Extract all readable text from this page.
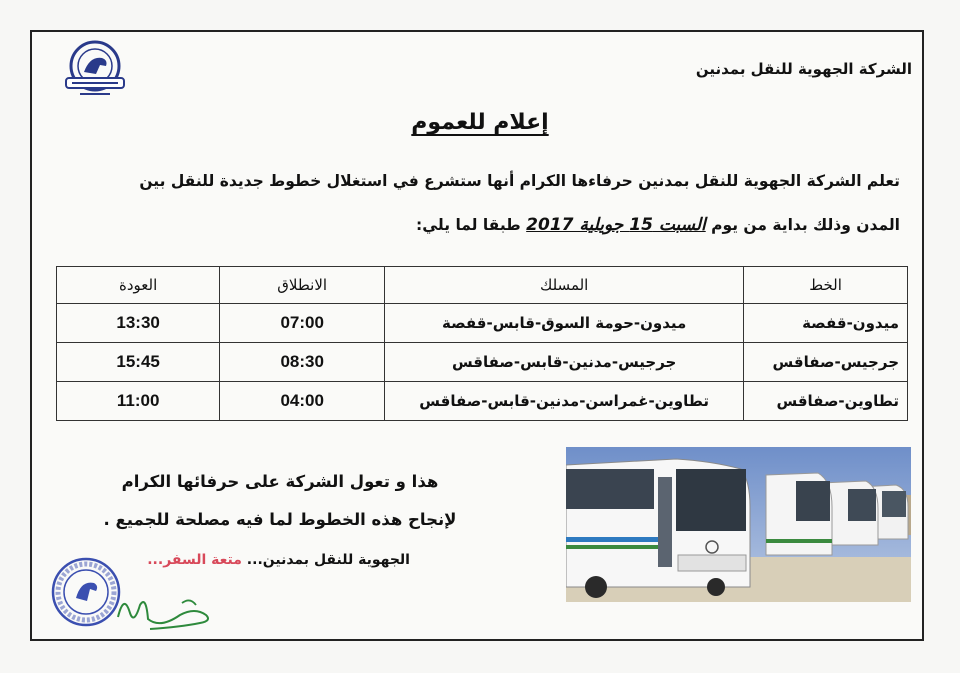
الشركة الجهوية للنقل بمدنين
إعلام للعموم
تعلم الشركة الجهوية للنقل بمدنين حرفاءها الكرام أنها ستشرع في استغلال خطوط جديدة للنقل بين
المدن وذلك بداية من يوم السبت 15 جويلية 2017 طبقا لما يلي:
الخط	المسلك	الانطلاق	العودة
ميدون-قفصة	ميدون-حومة السوق-قابس-قفصة	07:00	13:30
جرجيس-صفاقس	جرجيس-مدنين-قابس-صفاقس	08:30	15:45
تطاوين-صفاقس	تطاوين-غمراسن-مدنين-قابس-صفاقس	04:00	11:00
هذا و تعول الشركة على حرفائها الكرام
لإنجاح هذه الخطوط لما فيه مصلحة للجميع .
الجهوية للنقل بمدنين... متعة السفر...
